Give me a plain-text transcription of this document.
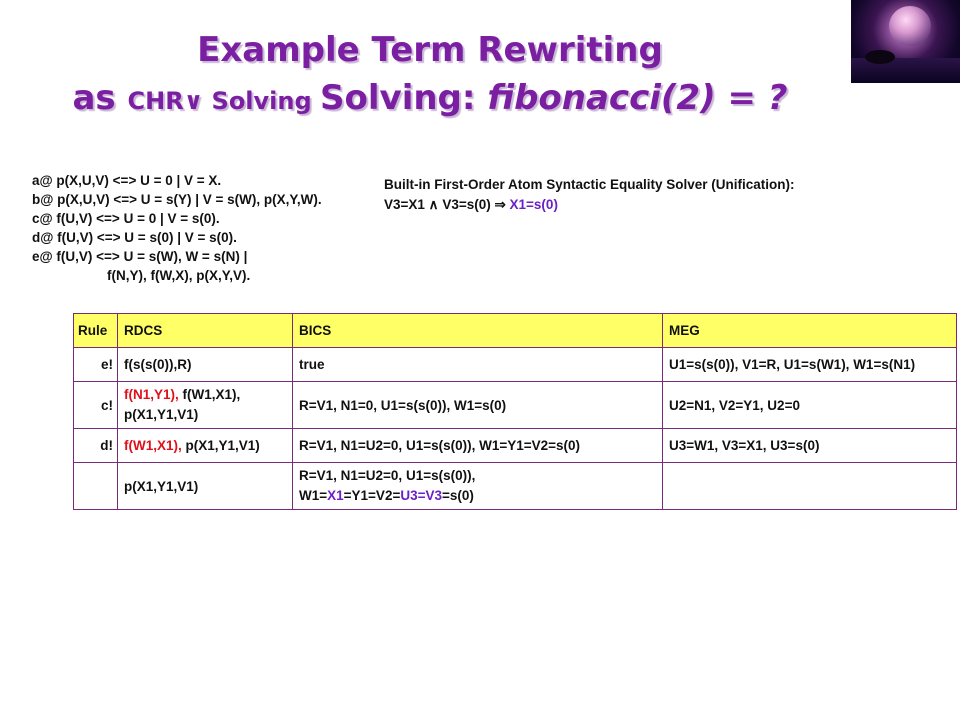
Example Term Rewriting
as CHR∨ Solving Solving: fibonacci(2) = ?
a@ p(X,U,V) <=> U = 0 | V = X.
b@ p(X,U,V) <=> U = s(Y) | V = s(W), p(X,Y,W).
c@ f(U,V) <=> U = 0 | V = s(0).
d@ f(U,V) <=> U = s(0) | V = s(0).
e@ f(U,V) <=> U = s(W), W = s(N) |
f(N,Y), f(W,X), p(X,Y,V).
Built-in First-Order Atom Syntactic Equality Solver (Unification):
V3=X1 ∧ V3=s(0) ⇒ X1=s(0)
Rule	RDCS	BICS	MEG
e!	f(s(s(0)),R)	true	U1=s(s(0)), V1=R, U1=s(W1), W1=s(N1)
c!	f(N1,Y1), f(W1,X1),
p(X1,Y1,V1)	R=V1, N1=0, U1=s(s(0)), W1=s(0)	U2=N1, V2=Y1, U2=0
d!	f(W1,X1), p(X1,Y1,V1)	R=V1, N1=U2=0, U1=s(s(0)), W1=Y1=V2=s(0)	U3=W1, V3=X1, U3=s(0)
	p(X1,Y1,V1)	R=V1, N1=U2=0, U1=s(s(0)),
W1=X1=Y1=V2=U3=V3=s(0)	
